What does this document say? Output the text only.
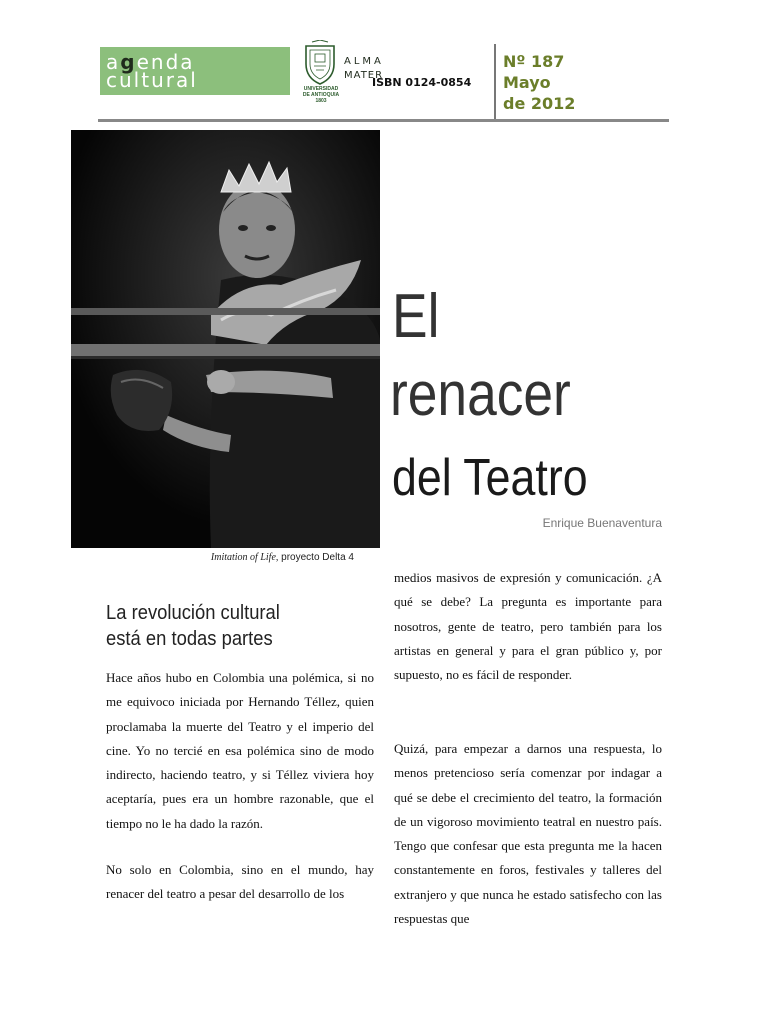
agenda
cultural
ALMA
MATER
UNIVERSIDAD
DE ANTIOQUIA
1803
ISBN 0124-0854
Nº 187
Mayo
de 2012
Imitation of Life, proyecto Delta 4
El
renacer
del Teatro
Enrique Buenaventura
La revolución cultural
está en todas partes

Hace años hubo en Colombia una polémica, si no me equivoco iniciada por Hernando Téllez, quien proclamaba la muerte del Teatro y el imperio del cine. Yo no tercié en esa polémica sino de modo indirecto, haciendo teatro, y si Téllez viviera hoy aceptaría, pues era un hombre razonable, que el tiempo no le ha dado la razón.

No solo en Colombia, sino en el mundo, hay renacer del teatro a pesar del desarrollo de los

medios masivos de expresión y comunicación. ¿A qué se debe? La pregunta es importante para nosotros, gente de teatro, pero también para los artistas en general y para el gran público y, por supuesto, no es fácil de responder.

Quizá, para empezar a darnos una respuesta, lo menos pretencioso sería comenzar por indagar a qué se debe el crecimiento del teatro, la formación de un vigoroso movimiento teatral en nuestro país. Tengo que confesar que esta pregunta me la hacen constantemente en foros, festivales y talleres del extranjero y que nunca he estado satisfecho con las respuestas que
